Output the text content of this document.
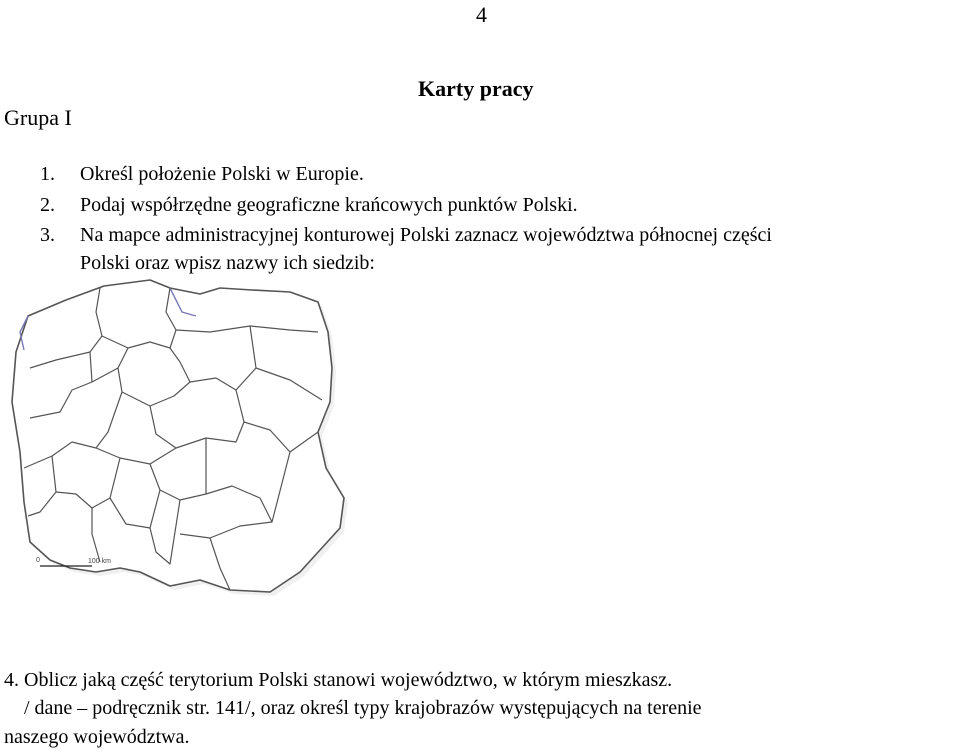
4
Karty pracy
Grupa I
1. Określ położenie Polski w Europie.
2. Podaj współrzędne geograficzne krańcowych punktów Polski.
3. Na mapce administracyjnej konturowej Polski zaznacz województwa północnej części
Polski oraz wpisz nazwy ich siedzib:
0	100 km
4. Oblicz jaką część terytorium Polski stanowi województwo, w którym mieszkasz.
/ dane – podręcznik str. 141/, oraz określ typy krajobrazów występujących na terenie
naszego województwa.
